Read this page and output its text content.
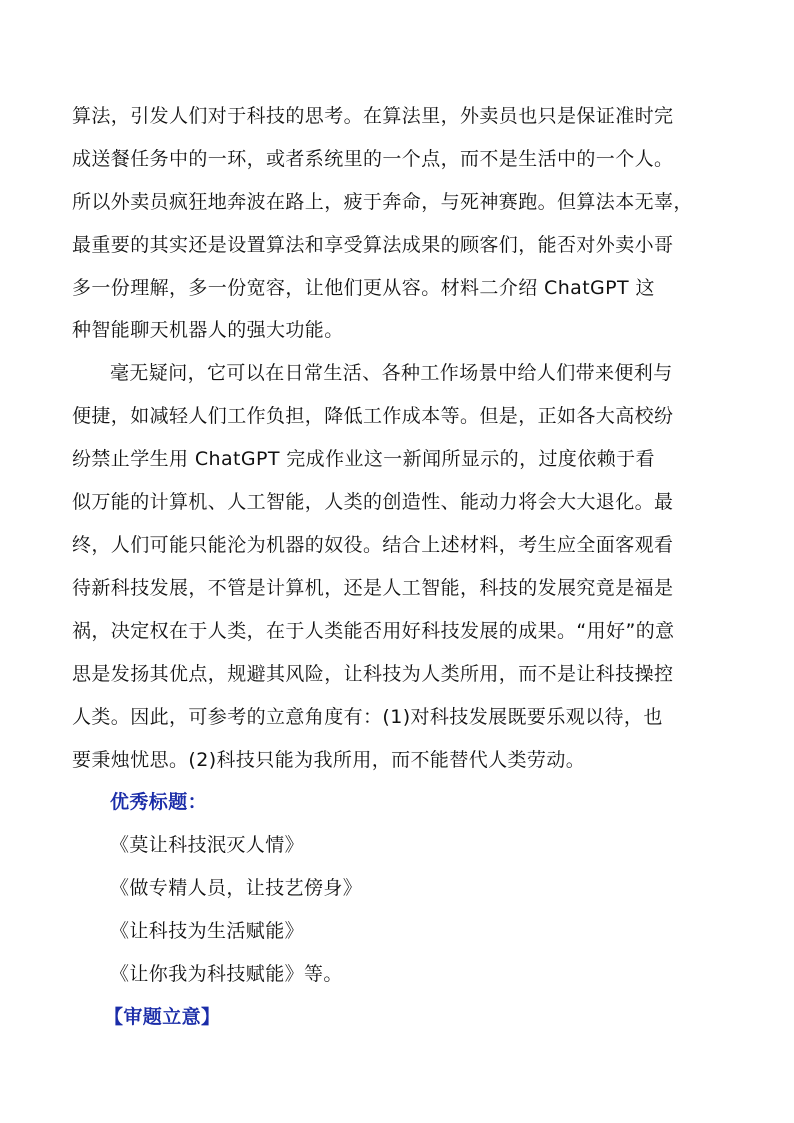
算法，引发人们对于科技的思考。在算法里，外卖员也只是保证准时完
成送餐任务中的一环，或者系统里的一个点，而不是生活中的一个人。
所以外卖员疯狂地奔波在路上，疲于奔命，与死神赛跑。但算法本无辜，
最重要的其实还是设置算法和享受算法成果的顾客们，能否对外卖小哥
多一份理解，多一份宽容，让他们更从容。材料二介绍 ChatGPT 这
种智能聊天机器人的强大功能。
毫无疑问，它可以在日常生活、各种工作场景中给人们带来便利与
便捷，如减轻人们工作负担，降低工作成本等。但是，正如各大高校纷
纷禁止学生用 ChatGPT 完成作业这一新闻所显示的，过度依赖于看
似万能的计算机、人工智能，人类的创造性、能动力将会大大退化。最
终，人们可能只能沦为机器的奴役。结合上述材料，考生应全面客观看
待新科技发展，不管是计算机，还是人工智能，科技的发展究竟是福是
祸，决定权在于人类，在于人类能否用好科技发展的成果。“用好”的意
思是发扬其优点，规避其风险，让科技为人类所用，而不是让科技操控
人类。因此，可参考的立意角度有：(1)对科技发展既要乐观以待，也
要秉烛忧思。(2)科技只能为我所用，而不能替代人类劳动。
优秀标题：
《莫让科技泯灭人情》
《做专精人员，让技艺傍身》
《让科技为生活赋能》
《让你我为科技赋能》等。
【审题立意】
